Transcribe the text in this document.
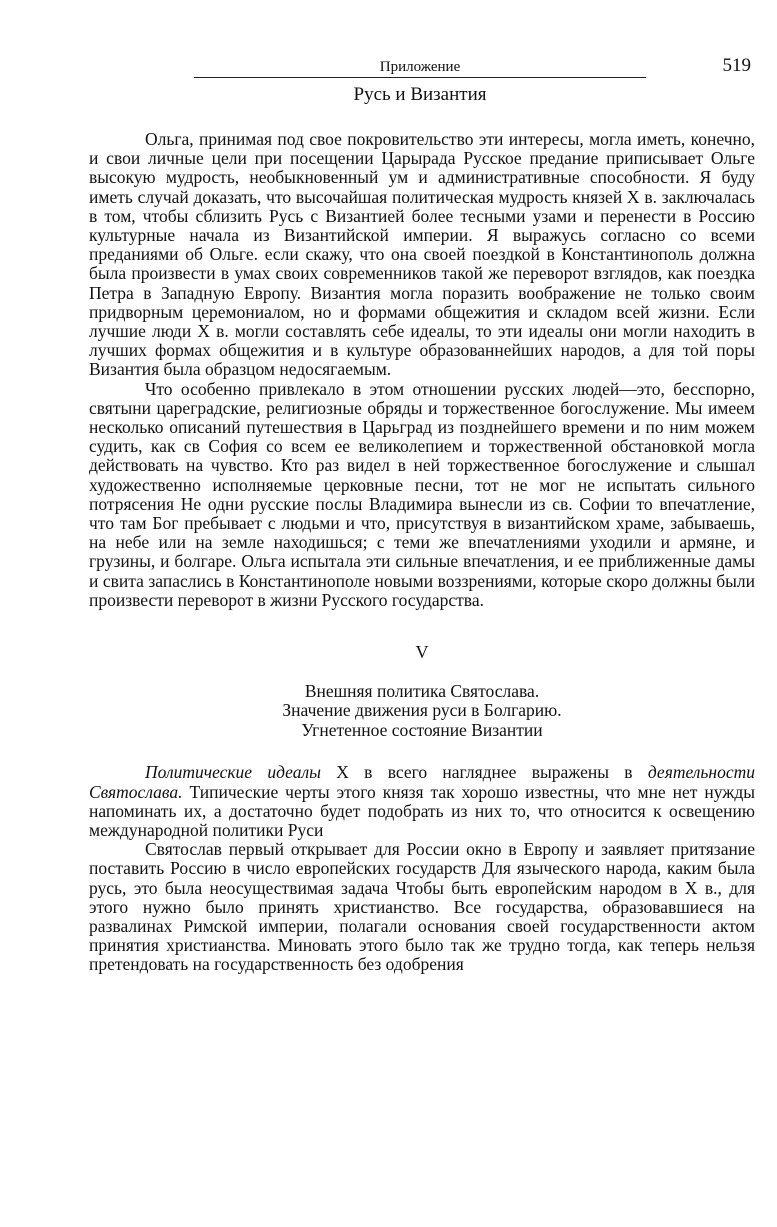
Приложение	519
Русь и Византия

Ольга, принимая под свое покровительство эти интересы, могла иметь, конечно, и свои личные цели при посещении Царырада Русское предание приписывает Ольге высокую мудрость, необыкновенный ум и административные способности. Я буду иметь случай доказать, что высочайшая политическая мудрость князей X в. заключалась в том, чтобы сблизить Русь с Византией более тесными узами и перенести в Россию культурные начала из Византийской империи. Я выражусь согласно со всеми преданиями об Ольге. если скажу, что она своей поездкой в Константинополь должна была произвести в умах своих современников такой же переворот взглядов, как поездка Петра в Западную Европу. Византия могла поразить воображение не только своим придворным церемониалом, но и формами общежития и складом всей жизни. Если лучшие люди X в. могли составлять себе идеалы, то эти идеалы они могли находить в лучших формах общежития и в культуре образованнейших народов, а для той поры Византия была образцом недосягаемым.

Что особенно привлекало в этом отношении русских людей—это, бесспорно, святыни цареградские, религиозные обряды и торжественное богослужение. Мы имеем несколько описаний путешествия в Царьград из позднейшего времени и по ним можем судить, как св София со всем ее великолепием и торжественной обстановкой могла действовать на чувство. Кто раз видел в ней торжественное богослужение и слышал художественно исполняемые церковные песни, тот не мог не испытать сильного потрясения Не одни русские послы Владимира вынесли из св. Софии то впечатление, что там Бог пребывает с людьми и что, присутствуя в византийском храме, забываешь, на небе или на земле находишься; с теми же впечатлениями уходили и армяне, и грузины, и болгаре. Ольга испытала эти сильные впечатления, и ее приближенные дамы и свита запаслись в Константинополе новыми воззрениями, которые скоро должны были произвести переворот в жизни Русского государства.

V
Внешняя политика Святослава.
Значение движения руси в Болгарию.
Угнетенное состояние Византии

Политические идеалы X в всего нагляднее выражены в деятельности Святослава. Типические черты этого князя так хорошо известны, что мне нет нужды напоминать их, а достаточно будет подобрать из них то, что относится к освещению международной политики Руси

Святослав первый открывает для России окно в Европу и заявляет притязание поставить Россию в число европейских государств Для языческого народа, каким была русь, это была неосуществимая задача Чтобы быть европейским народом в X в., для этого нужно было принять христианство. Все государства, образовавшиеся на развалинах Римской империи, полагали основания своей государственности актом принятия христианства. Миновать этого было так же трудно тогда, как теперь нельзя претендовать на государственность без одобрения
